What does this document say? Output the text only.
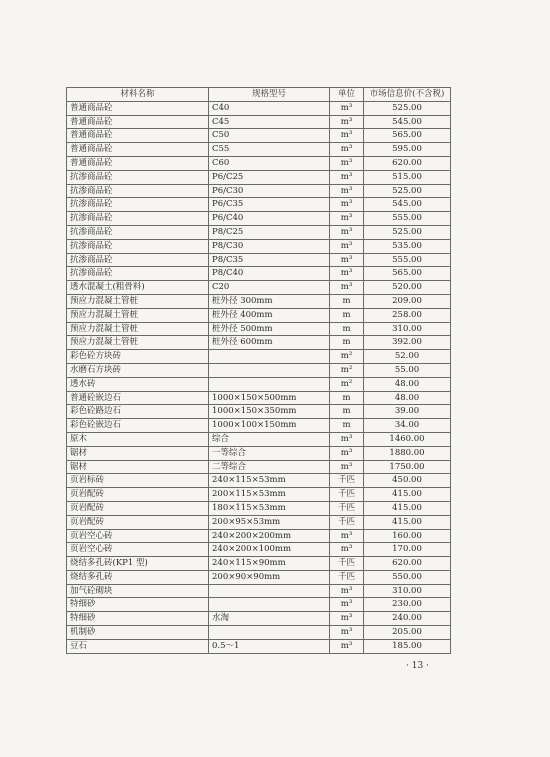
材料名称	规格型号	单位	市场信息价(不含税)
普通商品砼	C40	m³	525.00
普通商品砼	C45	m³	545.00
普通商品砼	C50	m³	565.00
普通商品砼	C55	m³	595.00
普通商品砼	C60	m³	620.00
抗渗商品砼	P6/C25	m³	515.00
抗渗商品砼	P6/C30	m³	525.00
抗渗商品砼	P6/C35	m³	545.00
抗渗商品砼	P6/C40	m³	555.00
抗渗商品砼	P8/C25	m³	525.00
抗渗商品砼	P8/C30	m³	535.00
抗渗商品砼	P8/C35	m³	555.00
抗渗商品砼	P8/C40	m³	565.00
透水混凝土(粗骨料)	C20	m³	520.00
预应力混凝土管桩	桩外径 300mm	m	209.00
预应力混凝土管桩	桩外径 400mm	m	258.00
预应力混凝土管桩	桩外径 500mm	m	310.00
预应力混凝土管桩	桩外径 600mm	m	392.00
彩色砼方块砖		m²	52.00
水磨石方块砖		m²	55.00
透水砖		m²	48.00
普通砼嵌边石	1000×150×500mm	m	48.00
彩色砼路边石	1000×150×350mm	m	39.00
彩色砼嵌边石	1000×100×150mm	m	34.00
原木	综合	m³	1460.00
锯材	一等综合	m³	1880.00
锯材	二等综合	m³	1750.00
页岩标砖	240×115×53mm	千匹	450.00
页岩配砖	200×115×53mm	千匹	415.00
页岩配砖	180×115×53mm	千匹	415.00
页岩配砖	200×95×53mm	千匹	415.00
页岩空心砖	240×200×200mm	m³	160.00
页岩空心砖	240×200×100mm	m³	170.00
烧结多孔砖(KP1 型)	240×115×90mm	千匹	620.00
烧结多孔砖	200×90×90mm	千匹	550.00
加气砼砌块		m³	310.00
特细砂		m³	230.00
特细砂	水淘	m³	240.00
机制砂		m³	205.00
豆石	0.5～1	m³	185.00
· 13 ·
